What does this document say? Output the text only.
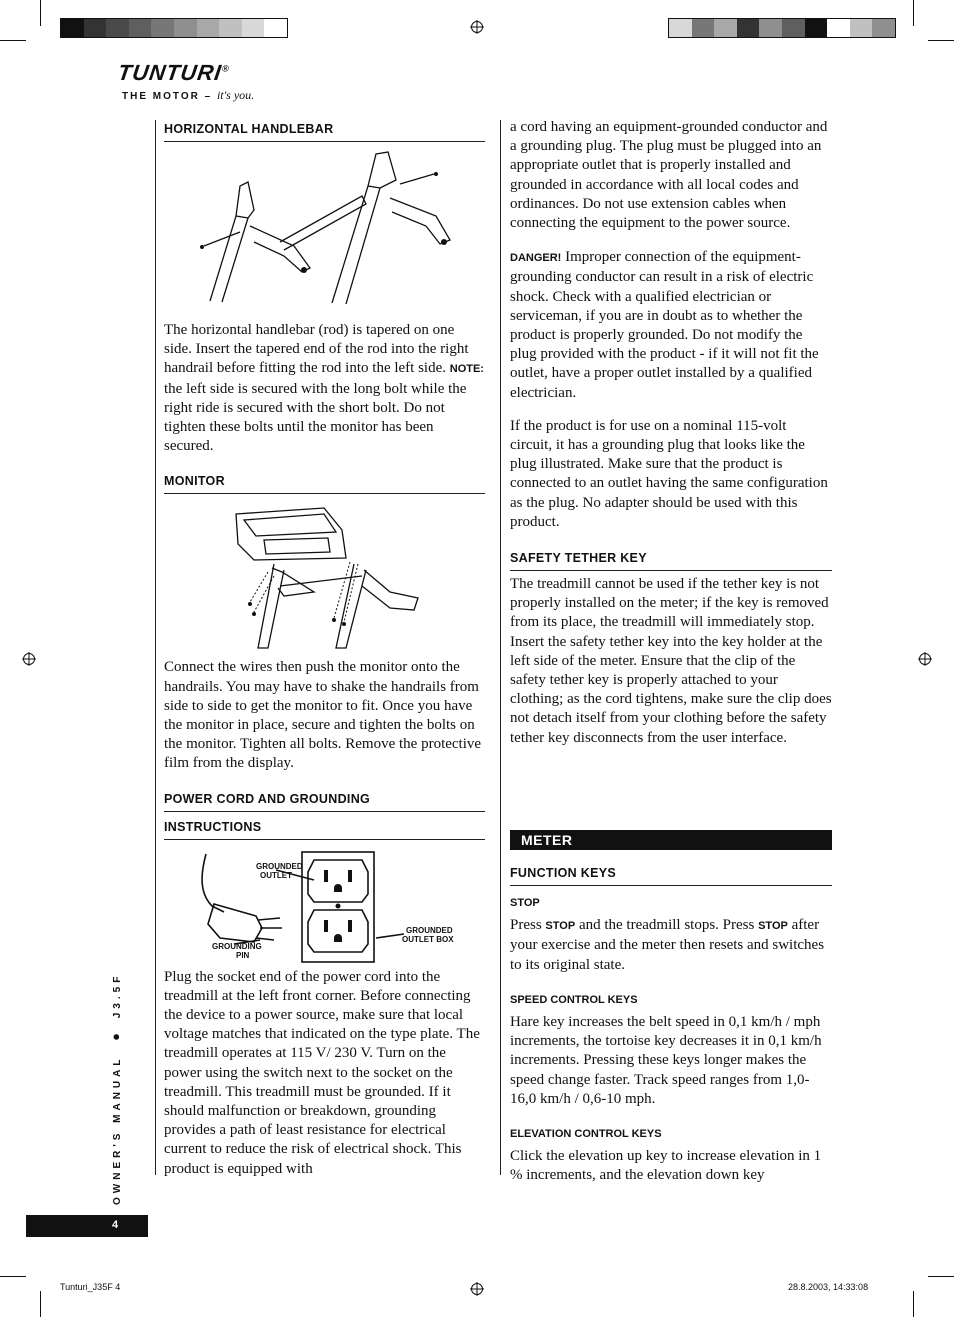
TUNTURI®
THE MOTOR – it's you.
HORIZONTAL HANDLEBAR

The horizontal handlebar (rod) is tapered on one side. Insert the tapered end of the rod into the right handrail before fitting the rod into the left side. NOTE: the left side is secured with the long bolt while the right ride is secured with the short bolt. Do not tighten these bolts until the monitor has been secured.

MONITOR

Connect the wires then push the monitor onto the handrails. You may have to shake the handrails from side to side to get the monitor to fit. Once you have the monitor in place, secure and tighten the bolts on the monitor. Tighten all bolts. Remove the protective film from the display.

POWER CORD AND GROUNDING
INSTRUCTIONS
GROUNDED
OUTLET
GROUNDED
OUTLET BOX
GROUNDING
PIN

Plug the socket end of the power cord into the treadmill at the left front corner. Before connecting the device to a power source, make sure that local voltage matches that indicated on the type plate. The treadmill operates at 115 V/ 230 V. Turn on the power using the switch next to the socket on the treadmill. This treadmill must be grounded. If it should malfunction or breakdown, grounding provides a path of least resistance for electrical current to reduce the risk of electrical shock. This product is equipped with

a cord having an equipment-grounded conductor and a grounding plug. The plug must be plugged into an appropriate outlet that is properly installed and grounded in accordance with all local codes and ordinances. Do not use extension cables when connecting the equipment to the power source.

DANGER! Improper connection of the equipment-grounding conductor can result in a risk of electric shock. Check with a qualified electrician or serviceman, if you are in doubt as to whether the product is properly grounded. Do not modify the plug provided with the product - if it will not fit the outlet, have a proper outlet installed by a qualified electrician.

If the product is for use on a nominal 115-volt circuit, it has a grounding plug that looks like the plug illustrated. Make sure that the product is connected to an outlet having the same configuration as the plug. No adapter should be used with this product.

SAFETY TETHER KEY

The treadmill cannot be used if the tether key is not properly installed on the meter; if the key is removed from its place, the treadmill will immediately stop. Insert the safety tether key into the key holder at the left side of the meter. Ensure that the clip of the safety tether key is properly attached to your clothing; as the cord tightens, make sure the clip does not detach itself from your clothing before the safety tether key disconnects from the user interface.

METER
FUNCTION KEYS
STOP

Press STOP and the treadmill stops. Press STOP after your exercise and the meter then resets and switches to its original state.

SPEED CONTROL KEYS

Hare key increases the belt speed in 0,1 km/h / mph increments, the tortoise key decreases it in 0,1 km/h increments. Pressing these keys longer makes the speed change faster. Track speed ranges from 1,0-16,0 km/h / 0,6-10 mph.

ELEVATION CONTROL KEYS

Click the elevation up key to increase elevation in 1 % increments, and the elevation down key

OWNER'S MANUAL ● J3.5F
4
Tunturi_J35F 4	28.8.2003, 14:33:08
